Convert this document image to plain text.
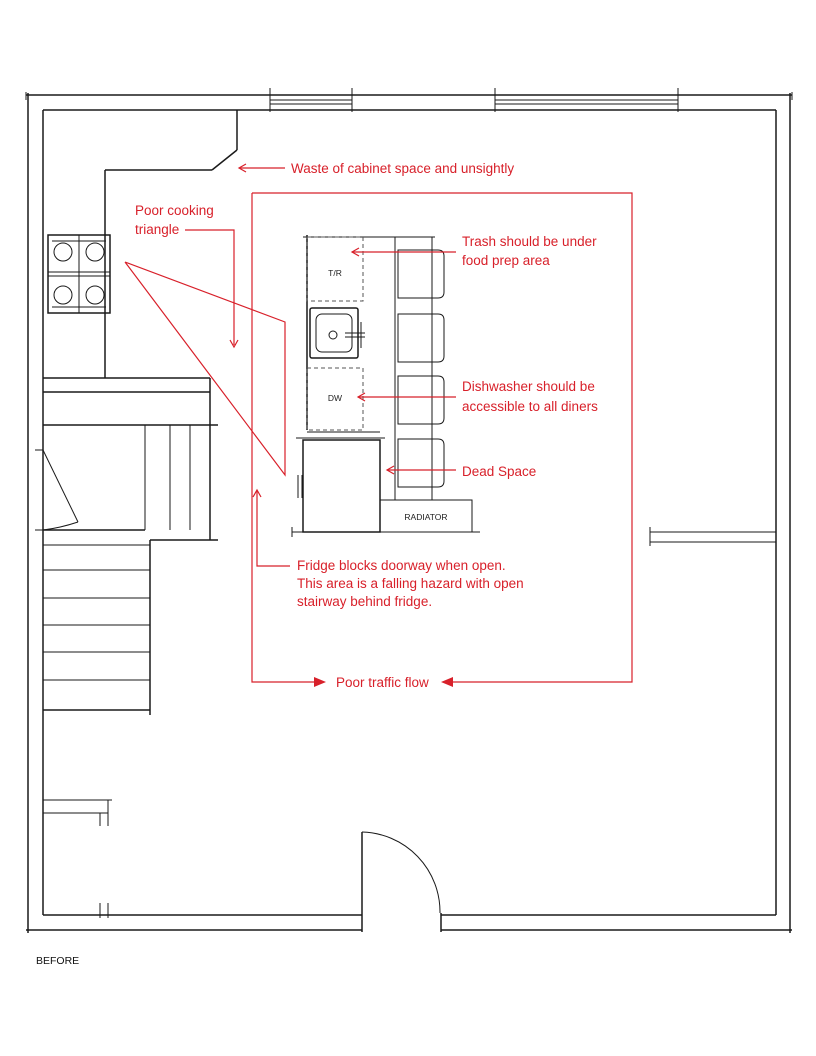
T/R
DW
RADIATOR
Waste of cabinet space and unsightly
Poor cooking
triangle
Trash should be under
food prep area
Dishwasher should be
accessible to all diners
Dead Space
Fridge blocks doorway when open.
This area is a falling hazard with open
stairway behind fridge.
Poor traffic flow
BEFORE
